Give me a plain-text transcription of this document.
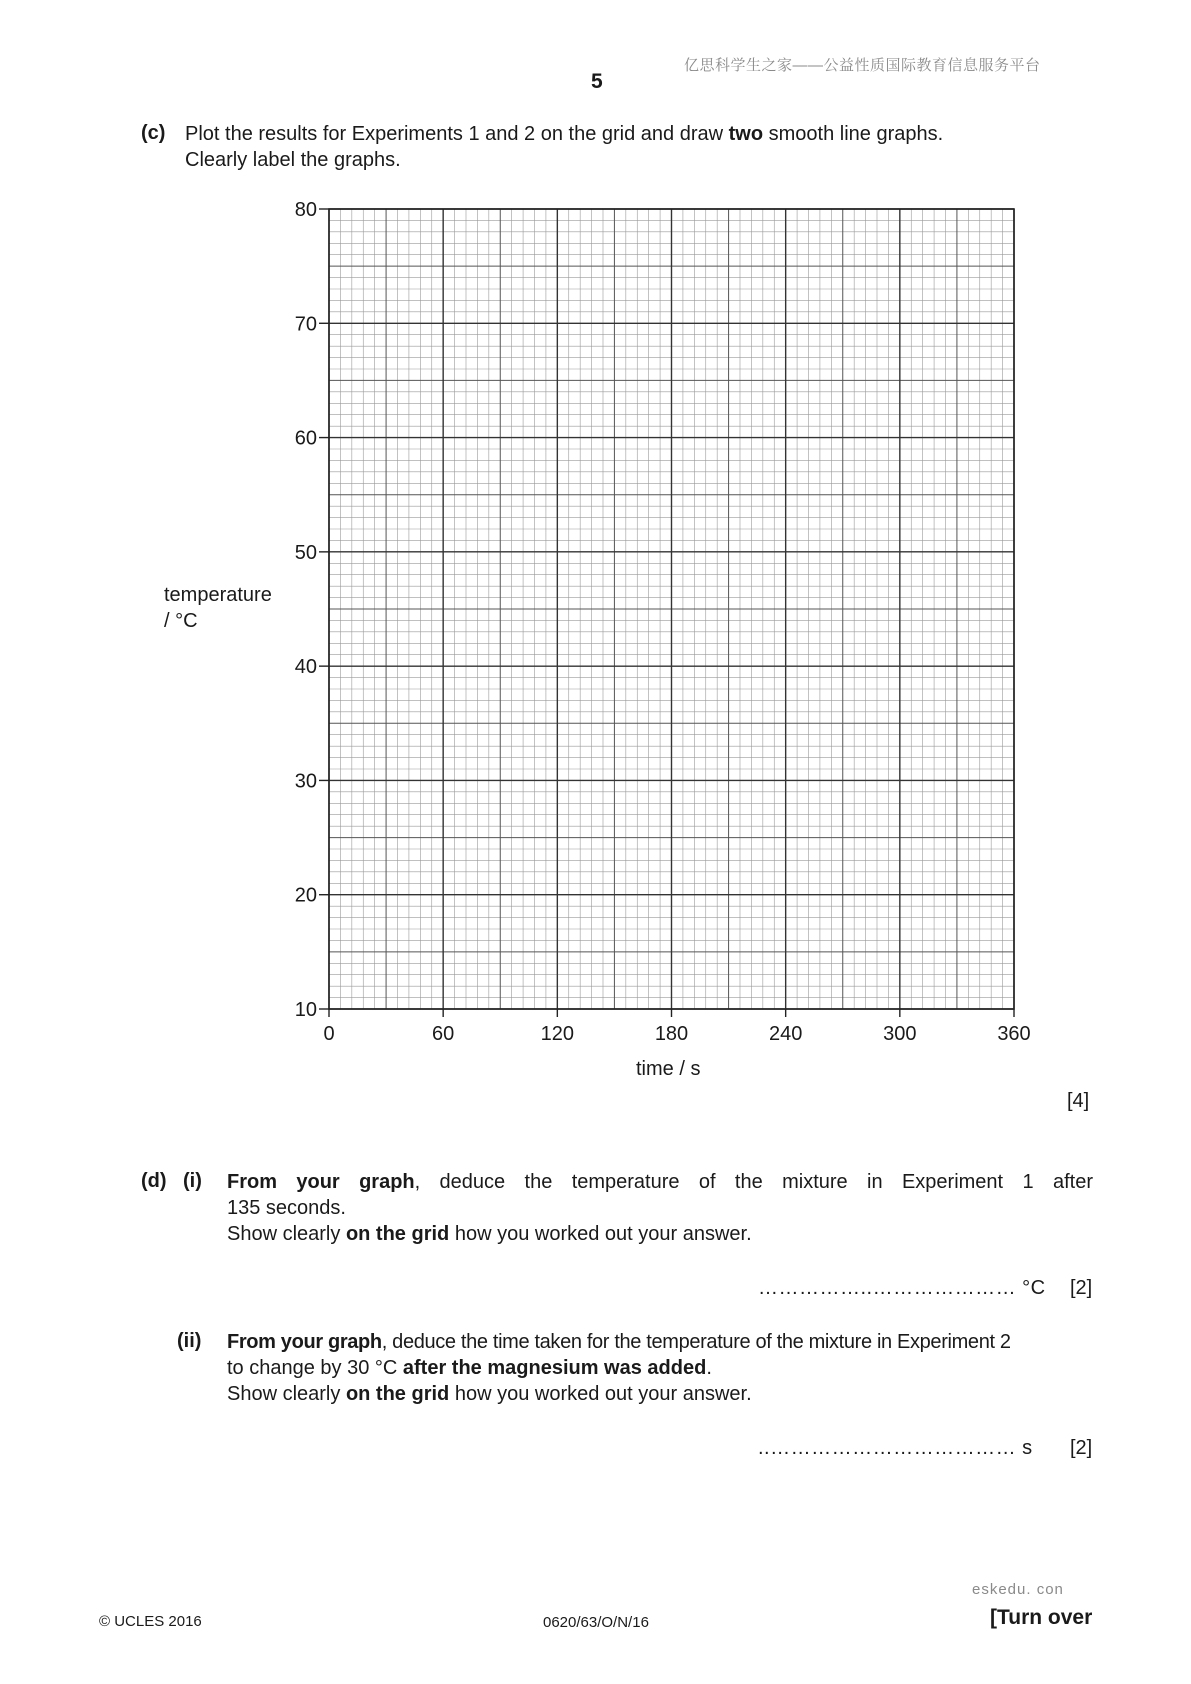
亿思科学生之家——公益性质国际教育信息服务平台
5
(c) Plot the results for Experiments 1 and 2 on the grid and draw two smooth line graphs.
Clearly label the graphs.
10
20
30
40
50
60
70
80
0	60	120	180	240	300	360
temperature
/ °C
time / s
[4]
(d) (i) From your graph, deduce the temperature of the mixture in Experiment 1 after
135 seconds.
Show clearly on the grid how you worked out your answer.
……………..………………… °C [2]
(ii) From your graph, deduce the time taken for the temperature of the mixture in Experiment 2
to change by 30 °C after the magnesium was added.
Show clearly on the grid how you worked out your answer.
..……………………………… s [2]
eskedu. con
© UCLES 2016	0620/63/O/N/16	[Turn over
